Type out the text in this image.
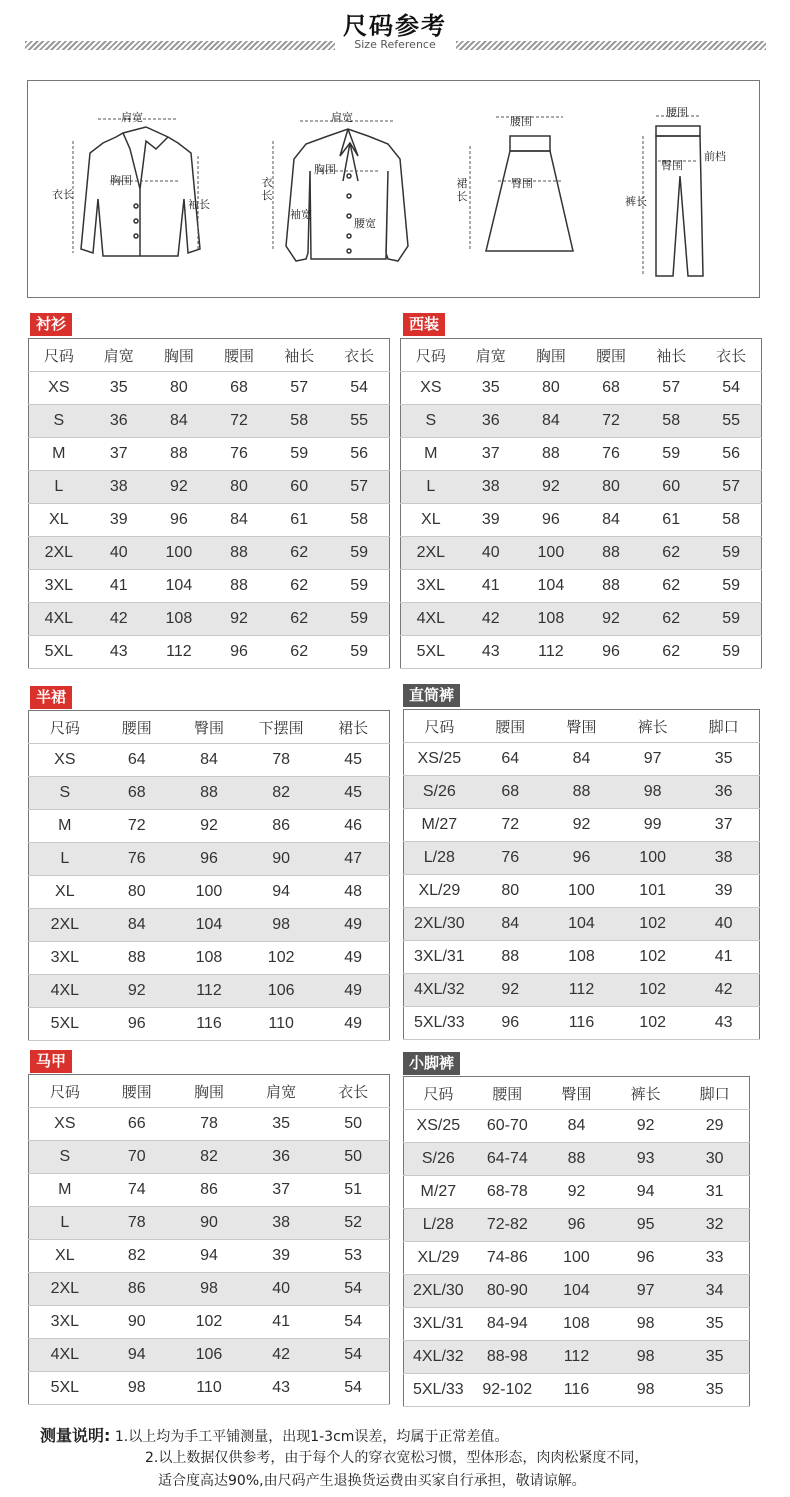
尺码参考
Size Reference
肩宽
胸围
衣长
袖长
肩宽
胸围
衣长
袖宽
腰宽
腰围
臀围
裙长
腰围
臀围
前档
裤长
衬衫
尺码	肩宽	胸围	腰围	袖长	衣长
XS	35	80	68	57	54
S	36	84	72	58	55
M	37	88	76	59	56
L	38	92	80	60	57
XL	39	96	84	61	58
2XL	40	100	88	62	59
3XL	41	104	88	62	59
4XL	42	108	92	62	59
5XL	43	112	96	62	59
西装
尺码	肩宽	胸围	腰围	袖长	衣长
XS	35	80	68	57	54
S	36	84	72	58	55
M	37	88	76	59	56
L	38	92	80	60	57
XL	39	96	84	61	58
2XL	40	100	88	62	59
3XL	41	104	88	62	59
4XL	42	108	92	62	59
5XL	43	112	96	62	59
半裙
尺码	腰围	臀围	下摆围	裙长
XS	64	84	78	45
S	68	88	82	45
M	72	92	86	46
L	76	96	90	47
XL	80	100	94	48
2XL	84	104	98	49
3XL	88	108	102	49
4XL	92	112	106	49
5XL	96	116	110	49
直筒裤
尺码	腰围	臀围	裤长	脚口
XS/25	64	84	97	35
S/26	68	88	98	36
M/27	72	92	99	37
L/28	76	96	100	38
XL/29	80	100	101	39
2XL/30	84	104	102	40
3XL/31	88	108	102	41
4XL/32	92	112	102	42
5XL/33	96	116	102	43
马甲
尺码	腰围	胸围	肩宽	衣长
XS	66	78	35	50
S	70	82	36	50
M	74	86	37	51
L	78	90	38	52
XL	82	94	39	53
2XL	86	98	40	54
3XL	90	102	41	54
4XL	94	106	42	54
5XL	98	110	43	54
小脚裤
尺码	腰围	臀围	裤长	脚口
XS/25	60-70	84	92	29
S/26	64-74	88	93	30
M/27	68-78	92	94	31
L/28	72-82	96	95	32
XL/29	74-86	100	96	33
2XL/30	80-90	104	97	34
3XL/31	84-94	108	98	35
4XL/32	88-98	112	98	35
5XL/33	92-102	116	98	35
测量说明: 1.以上均为手工平铺测量，出现1-3cm误差，均属于正常差值。
2.以上数据仅供参考，由于每个人的穿衣宽松习惯，型体形态，肉肉松紧度不同，
适合度高达90%,由尺码产生退换货运费由买家自行承担，敬请谅解。
